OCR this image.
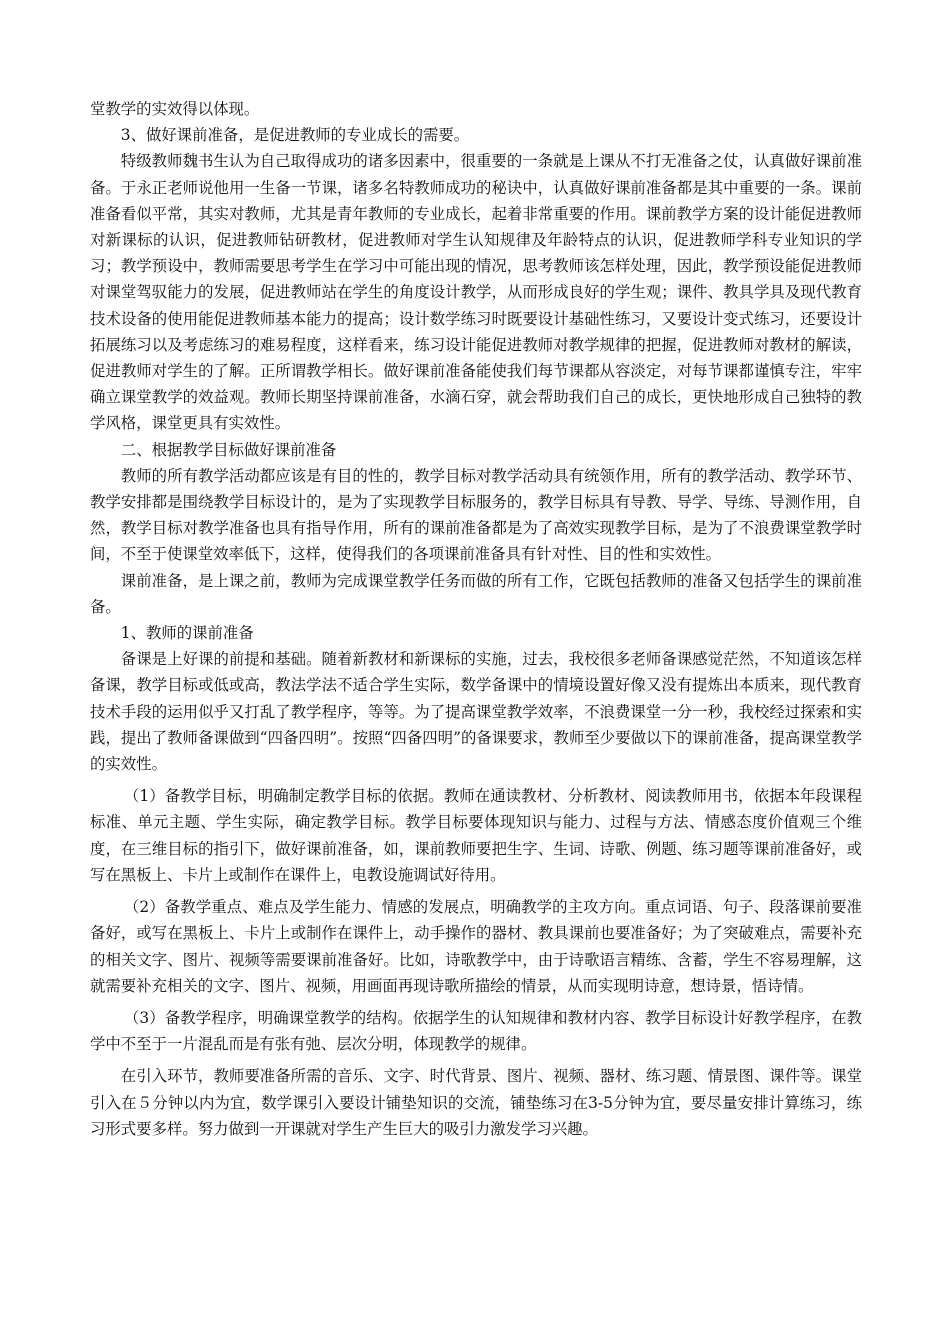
堂教学的实效得以体现。

3、做好课前准备，是促进教师的专业成长的需要。

特级教师魏书生认为自己取得成功的诸多因素中，很重要的一条就是上课从不打无准备之仗，认真做好课前准备。于永正老师说他用一生备一节课，诸多名特教师成功的秘诀中，认真做好课前准备都是其中重要的一条。课前准备看似平常，其实对教师，尤其是青年教师的专业成长，起着非常重要的作用。课前教学方案的设计能促进教师对新课标的认识，促进教师钻研教材，促进教师对学生认知规律及年龄特点的认识，促进教师学科专业知识的学习；教学预设中，教师需要思考学生在学习中可能出现的情况，思考教师该怎样处理，因此，教学预设能促进教师对课堂驾驭能力的发展，促进教师站在学生的角度设计教学，从而形成良好的学生观；课件、教具学具及现代教育技术设备的使用能促进教师基本能力的提高；设计数学练习时既要设计基础性练习，又要设计变式练习，还要设计拓展练习以及考虑练习的难易程度，这样看来，练习设计能促进教师对教学规律的把握，促进教师对教材的解读，促进教师对学生的了解。正所谓教学相长。做好课前准备能使我们每节课都从容淡定，对每节课都谨慎专注，牢牢确立课堂教学的效益观。教师长期坚持课前准备，水滴石穿，就会帮助我们自己的成长，更快地形成自己独特的教学风格，课堂更具有实效性。

二、根据教学目标做好课前准备

教师的所有教学活动都应该是有目的性的，教学目标对教学活动具有统领作用，所有的教学活动、教学环节、教学安排都是围绕教学目标设计的，是为了实现教学目标服务的，教学目标具有导教、导学、导练、导测作用，自然，教学目标对教学准备也具有指导作用，所有的课前准备都是为了高效实现教学目标，是为了不浪费课堂教学时间，不至于使课堂效率低下，这样，使得我们的各项课前准备具有针对性、目的性和实效性。

课前准备，是上课之前，教师为完成课堂教学任务而做的所有工作，它既包括教师的准备又包括学生的课前准备。

1、教师的课前准备

备课是上好课的前提和基础。随着新教材和新课标的实施，过去，我校很多老师备课感觉茫然，不知道该怎样备课，教学目标或低或高，教法学法不适合学生实际，数学备课中的情境设置好像又没有提炼出本质来，现代教育技术手段的运用似乎又打乱了教学程序，等等。为了提高课堂教学效率，不浪费课堂一分一秒，我校经过探索和实践，提出了教师备课做到“四备四明”。按照“四备四明”的备课要求，教师至少要做以下的课前准备，提高课堂教学的实效性。

（1）备教学目标，明确制定教学目标的依据。教师在通读教材、分析教材、阅读教师用书，依据本年段课程标准、单元主题、学生实际，确定教学目标。教学目标要体现知识与能力、过程与方法、情感态度价值观三个维度，在三维目标的指引下，做好课前准备，如，课前教师要把生字、生词、诗歌、例题、练习题等课前准备好，或写在黑板上、卡片上或制作在课件上，电教设施调试好待用。

（2）备教学重点、难点及学生能力、情感的发展点，明确教学的主攻方向。重点词语、句子、段落课前要准备好，或写在黑板上、卡片上或制作在课件上，动手操作的器材、教具课前也要准备好；为了突破难点，需要补充的相关文字、图片、视频等需要课前准备好。比如，诗歌教学中，由于诗歌语言精练、含蓄，学生不容易理解，这就需要补充相关的文字、图片、视频，用画面再现诗歌所描绘的情景，从而实现明诗意，想诗景，悟诗情。

（3）备教学程序，明确课堂教学的结构。依据学生的认知规律和教材内容、教学目标设计好教学程序，在教学中不至于一片混乱而是有张有弛、层次分明，体现教学的规律。

在引入环节，教师要准备所需的音乐、文字、时代背景、图片、视频、器材、练习题、情景图、课件等。课堂引入在５分钟以内为宜，数学课引入要设计铺垫知识的交流，铺垫练习在3-5分钟为宜，要尽量安排计算练习，练习形式要多样。努力做到一开课就对学生产生巨大的吸引力激发学习兴趣。
